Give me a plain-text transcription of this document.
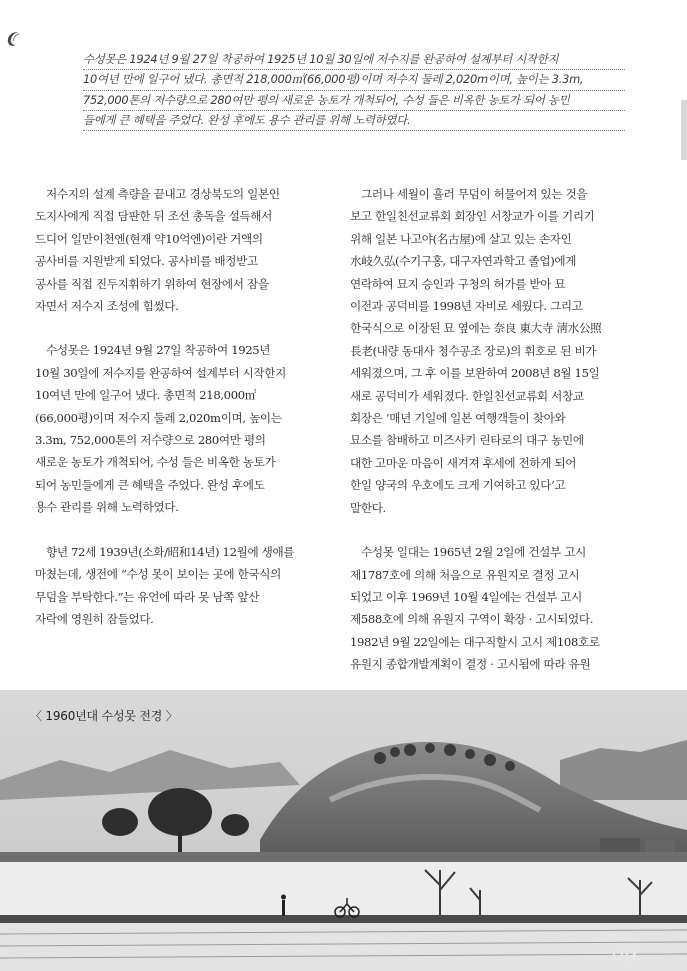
수성못은 1924년 9월 27일 착공하여 1925년 10월 30일에 저수지를 완공하여 설계부터 시작한지
10여년 만에 일구어 냈다. 총면적 218,000㎡(66,000평)이며 저수지 둘레 2,020m이며, 높이는 3.3m,
752,000톤의 저수량으로 280여만 평의 새로운 농토가 개척되어, 수성 들은 비옥한 농토가 되어 농민
들에게 큰 혜택을 주었다. 완성 후에도 용수 관리를 위해 노력하였다.

저수지의 설계 측량을 끝내고 경상북도의 일본인
도지사에게 직접 담판한 뒤 조선 총독을 설득해서
드디어 일만이천엔(현재 약10억엔)이란 거액의
공사비를 지원받게 되었다. 공사비를 배정받고
공사를 직접 진두지휘하기 위하여 현장에서 잠을
자면서 저수지 조성에 힘썼다.

수성못은 1924년 9월 27일 착공하여 1925년
10월 30일에 저수지를 완공하여 설계부터 시작한지
10여년 만에 일구어 냈다. 총면적 218,000㎡
(66,000평)이며 저수지 둘레 2,020m이며, 높이는
3.3m, 752,000톤의 저수량으로 280여만 평의
새로운 농토가 개척되어, 수성 들은 비옥한 농토가
되어 농민들에게 큰 혜택을 주었다. 완성 후에도
용수 관리를 위해 노력하였다.

향년 72세 1939년(소화/昭和14년) 12월에 생애를
마쳤는데, 생전에 “수성 못이 보이는 곳에 한국식의
무덤을 부탁한다.”는 유언에 따라 못 남쪽 앞산
자락에 영원히 잠들었다.

그러나 세월이 흘러 무덤이 허물어져 있는 것을
보고 한일친선교류회 회장인 서창교가 이를 기리기
위해 일본 나고야(名古屋)에 살고 있는 손자인
水岐久弘(수기구홍, 대구자연과학고 졸업)에게
연락하여 묘지 승인과 구청의 허가를 받아 묘
이전과 공덕비를 1998년 자비로 세웠다. 그리고
한국식으로 이장된 묘 옆에는 奈良 東大寺 淸水公照
長老(내량 동대사 청수공조 장로)의 휘호로 된 비가
세워졌으며, 그 후 이를 보완하여 2008년 8월 15일
새로 공덕비가 세워졌다. 한일친선교류회 서창교
회장은 ‘매년 기일에 일본 여행객들이 찾아와
묘소를 참배하고 미즈사키 린타로의 대구 농민에
대한 고마운 마음이 새겨져 후세에 전하게 되어
한일 양국의 우호에도 크게 기여하고 있다’고
말한다.

수성못 일대는 1965년 2월 2일에 건설부 고시
제1787호에 의해 처음으로 유원지로 결정 고시
되었고 이후 1969년 10월 4일에는 건설부 고시
제588호에 의해 유원지 구역이 확장 · 고시되었다.
1982년 9월 22일에는 대구직할시 고시 제108호로
유원지 종합개발계획이 결정 · 고시됨에 따라 유원

〈 1960년대 수성못 전경 〉
수성문화소식
08+ 09
